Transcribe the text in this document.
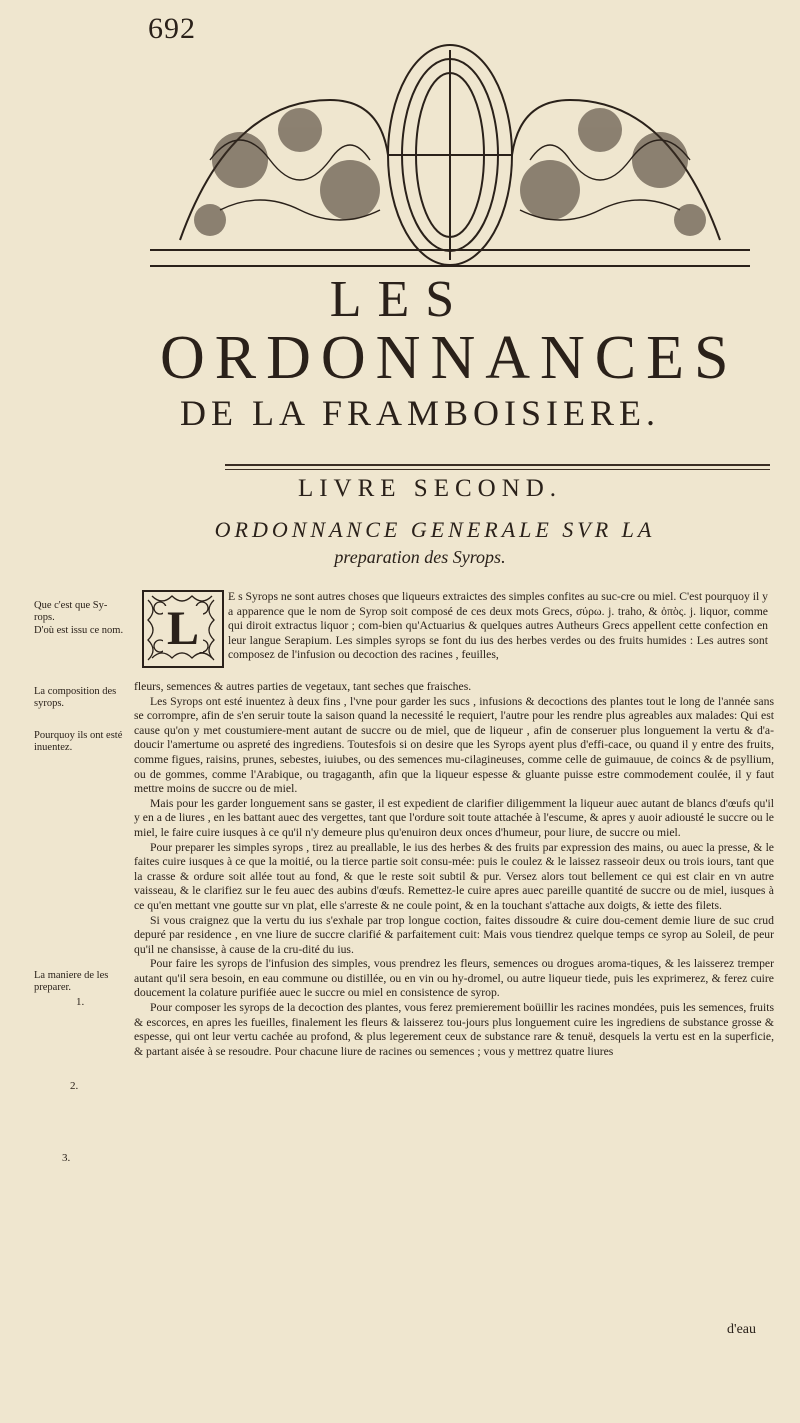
692
LES
ORDONNANCES
DE LA FRAMBOISIERE.
LIVRE SECOND.
ORDONNANCE GENERALE SVR LA
preparation des Syrops.
Que c'est que Sy-rops.
D'où est issu ce nom.
La composition des syrops.
Pourquoy ils ont esté inuentez.
La maniere de les preparer.
1.
2.
3.
L

E s Syrops ne sont autres choses que liqueurs extraictes des simples confites au suc-cre ou miel. C'est pourquoy il y a apparence que le nom de Syrop soit composé de ces deux mots Grecs, σύρω. j. traho, & ὀπὸς. j. liquor, comme qui diroit extractus liquor ; com-bien qu'Actuarius & quelques autres Autheurs Grecs appellent cette confection en leur langue Serapium. Les simples syrops se font du ius des herbes verdes ou des fruits humides : Les autres sont composez de l'infusion ou decoction des racines , feuilles,

fleurs, semences & autres parties de vegetaux, tant seches que fraisches.

Les Syrops ont esté inuentez à deux fins , l'vne pour garder les sucs , infusions & decoctions des plantes tout le long de l'année sans se corrompre, afin de s'en seruir toute la saison quand la necessité le requiert, l'autre pour les rendre plus agreables aux malades: Qui est cause qu'on y met coustumiere-ment autant de succre ou de miel, que de liqueur , afin de conseruer plus longuement la vertu & d'a-doucir l'amertume ou aspreté des ingrediens. Toutesfois si on desire que les Syrops ayent plus d'effi-cace, ou quand il y entre des fruits, comme figues, raisins, prunes, sebestes, iuiubes, ou des semences mu-cilagineuses, comme celle de guimauue, de coincs & de psyllium, ou de gommes, comme l'Arabique, ou tragaganth, afin que la liqueur espesse & gluante puisse estre commodement coulée, il y faut mettre moins de succre ou de miel.

Mais pour les garder longuement sans se gaster, il est expedient de clarifier diligemment la liqueur auec autant de blancs d'œufs qu'il y en a de liures , en les battant auec des vergettes, tant que l'ordure soit toute attachée à l'escume, & apres y auoir adiousté le succre ou le miel, le faire cuire iusques à ce qu'il n'y demeure plus qu'enuiron deux onces d'humeur, pour liure, de succre ou miel.

Pour preparer les simples syrops , tirez au preallable, le ius des herbes & des fruits par expression des mains, ou auec la presse, & le faites cuire iusques à ce que la moitié, ou la tierce partie soit consu-mée: puis le coulez & le laissez rasseoir deux ou trois iours, tant que la crasse & ordure soit allée tout au fond, & que le reste soit subtil & pur. Versez alors tout bellement ce qui est clair en vn autre vaisseau, & le clarifiez sur le feu auec des aubins d'œufs. Remettez-le cuire apres auec pareille quantité de succre ou de miel, iusques à ce qu'en mettant vne goutte sur vn plat, elle s'arreste & ne coule point, & en la touchant s'attache aux doigts, & iette des filets.

Si vous craignez que la vertu du ius s'exhale par trop longue coction, faites dissoudre & cuire dou-cement demie liure de suc crud depuré par residence , en vne liure de succre clarifié & parfaitement cuit: Mais vous tiendrez quelque temps ce syrop au Soleil, de peur qu'il ne chansisse, à cause de la cru-dité du ius.

Pour faire les syrops de l'infusion des simples, vous prendrez les fleurs, semences ou drogues aroma-tiques, & les laisserez tremper autant qu'il sera besoin, en eau commune ou distillée, ou en vin ou hy-dromel, ou autre liqueur tiede, puis les exprimerez, & ferez cuire doucement la colature purifiée auec le succre ou miel en consistence de syrop.

Pour composer les syrops de la decoction des plantes, vous ferez premierement boüillir les racines mondées, puis les semences, fruits & escorces, en apres les fueilles, finalement les fleurs & laisserez tou-jours plus longuement cuire les ingrediens de substance grosse & espesse, qui ont leur vertu cachée au profond, & plus legerement ceux de substance rare & tenuë, desquels la vertu est en la superficie, & partant aisée à se resoudre. Pour chacune liure de racines ou semences ; vous y mettrez quatre liures

d'eau
